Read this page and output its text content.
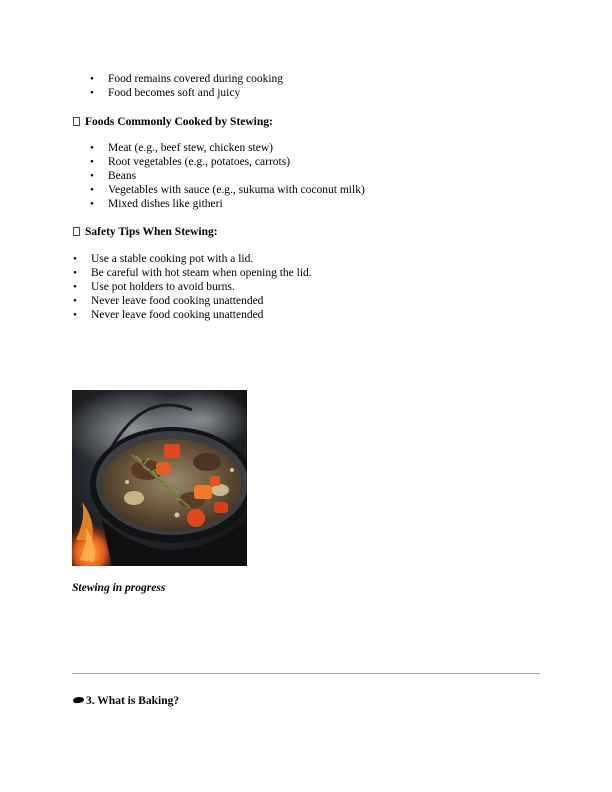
• Food remains covered during cooking
• Food becomes soft and juicy
Foods Commonly Cooked by Stewing:
• Meat (e.g., beef stew, chicken stew)
• Root vegetables (e.g., potatoes, carrots)
• Beans
• Vegetables with sauce (e.g., sukuma with coconut milk)
• Mixed dishes like githeri
Safety Tips When Stewing:
• Use a stable cooking pot with a lid.
• Be careful with hot steam when opening the lid.
• Use pot holders to avoid burns.
• Never leave food cooking unattended
• Never leave food cooking unattended
Stewing in progress
3. What is Baking?
